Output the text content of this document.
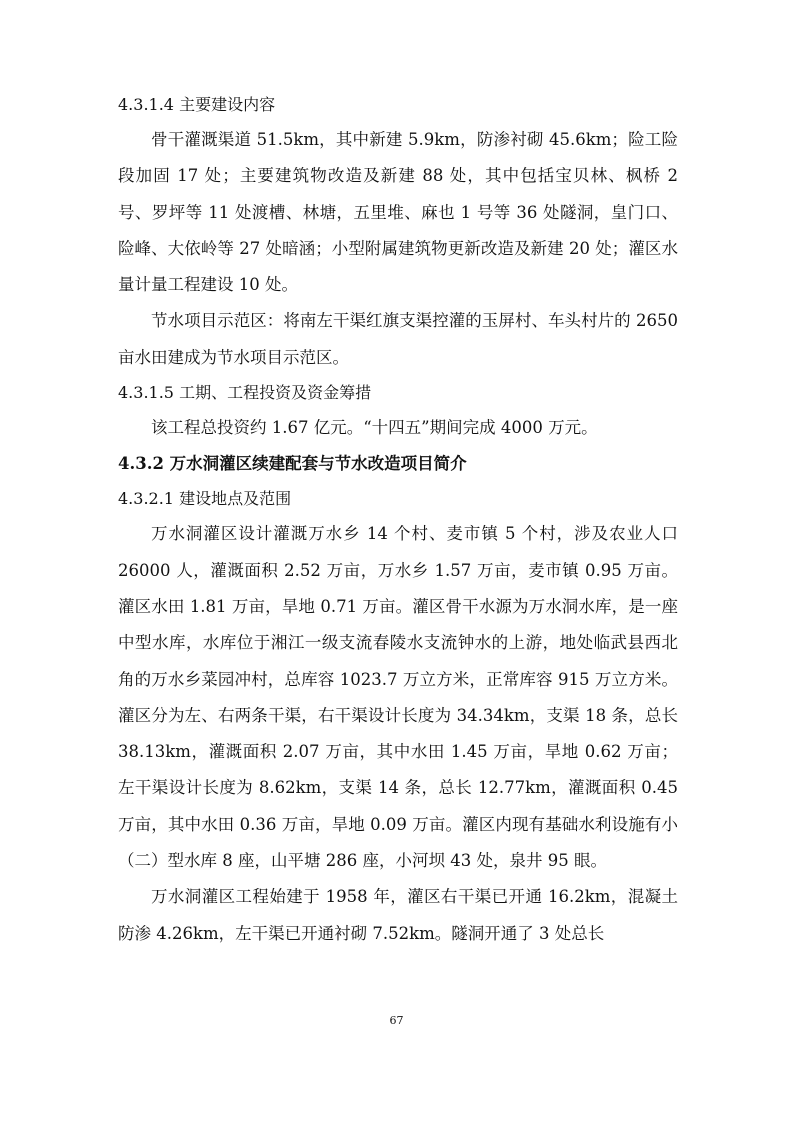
4.3.1.4 主要建设内容

骨干灌溉渠道 51.5km，其中新建 5.9km，防渗衬砌 45.6km；险工险段加固 17 处；主要建筑物改造及新建 88 处，其中包括宝贝林、枫桥 2 号、罗坪等 11 处渡槽、林塘，五里堆、麻也 1 号等 36 处隧洞，皇门口、险峰、大依岭等 27 处暗涵；小型附属建筑物更新改造及新建 20 处；灌区水量计量工程建设 10 处。

节水项目示范区：将南左干渠红旗支渠控灌的玉屏村、车头村片的 2650 亩水田建成为节水项目示范区。

4.3.1.5 工期、工程投资及资金筹措

该工程总投资约 1.67 亿元。“十四五”期间完成 4000 万元。

4.3.2 万水洞灌区续建配套与节水改造项目简介
4.3.2.1 建设地点及范围

万水洞灌区设计灌溉万水乡 14 个村、麦市镇 5 个村，涉及农业人口 26000 人，灌溉面积 2.52 万亩，万水乡 1.57 万亩，麦市镇 0.95 万亩。灌区水田 1.81 万亩，旱地 0.71 万亩。灌区骨干水源为万水洞水库，是一座中型水库，水库位于湘江一级支流春陵水支流钟水的上游，地处临武县西北角的万水乡菜园冲村，总库容 1023.7 万立方米，正常库容 915 万立方米。灌区分为左、右两条干渠，右干渠设计长度为 34.34km，支渠 18 条，总长 38.13km，灌溉面积 2.07 万亩，其中水田 1.45 万亩，旱地 0.62 万亩；左干渠设计长度为 8.62km，支渠 14 条，总长 12.77km，灌溉面积 0.45 万亩，其中水田 0.36 万亩，旱地 0.09 万亩。灌区内现有基础水利设施有小（二）型水库 8 座，山平塘 286 座，小河坝 43 处，泉井 95 眼。

万水洞灌区工程始建于 1958 年，灌区右干渠已开通 16.2km，混凝土防渗 4.26km，左干渠已开通衬砌 7.52km。隧洞开通了 3 处总长

67
